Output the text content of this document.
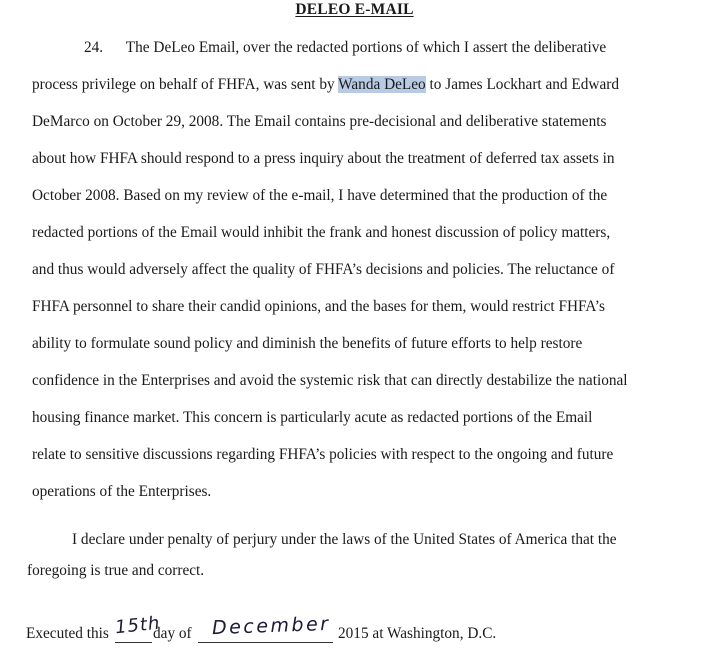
DELEO E-MAIL
24.      The DeLeo Email, over the redacted portions of which I assert the deliberative
process privilege on behalf of FHFA, was sent by Wanda DeLeo to James Lockhart and Edward
DeMarco on October 29, 2008. The Email contains pre-decisional and deliberative statements
about how FHFA should respond to a press inquiry about the treatment of deferred tax assets in
October 2008. Based on my review of the e-mail, I have determined that the production of the
redacted portions of the Email would inhibit the frank and honest discussion of policy matters,
and thus would adversely affect the quality of FHFA’s decisions and policies. The reluctance of
FHFA personnel to share their candid opinions, and the bases for them, would restrict FHFA’s
ability to formulate sound policy and diminish the benefits of future efforts to help restore
confidence in the Enterprises and avoid the systemic risk that can directly destabilize the national
housing finance market. This concern is particularly acute as redacted portions of the Email
relate to sensitive discussions regarding FHFA’s policies with respect to the ongoing and future
operations of the Enterprises.
I declare under penalty of perjury under the laws of the United States of America that the
foregoing is true and correct.
Executed this 15th
day of December 2015 at Washington, D.C.
